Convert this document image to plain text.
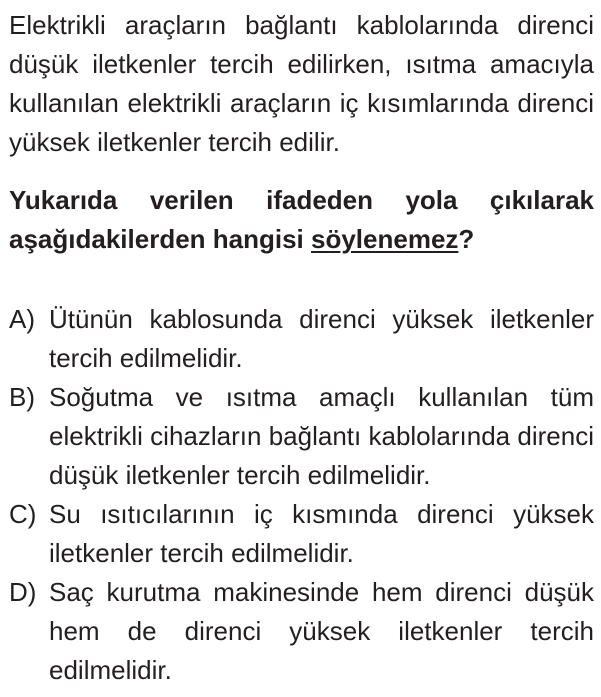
Elektrikli araçların bağlantı kablolarında direnci düşük iletkenler tercih edilirken, ısıtma amacıyla kullanılan elektrikli araçların iç kısımlarında direnci yüksek iletkenler tercih edilir.

Yukarıda verilen ifadeden yola çıkılarak aşağıdakilerden hangisi söylenemez?

A) Ütünün kablosunda direnci yüksek iletkenler tercih edilmelidir.
B) Soğutma ve ısıtma amaçlı kullanılan tüm elektrikli cihazların bağlantı kablolarında direnci düşük iletkenler tercih edilmelidir.
C) Su ısıtıcılarının iç kısmında direnci yüksek iletkenler tercih edilmelidir.
D) Saç kurutma makinesinde hem direnci düşük hem de direnci yüksek iletkenler tercih edilmelidir.
